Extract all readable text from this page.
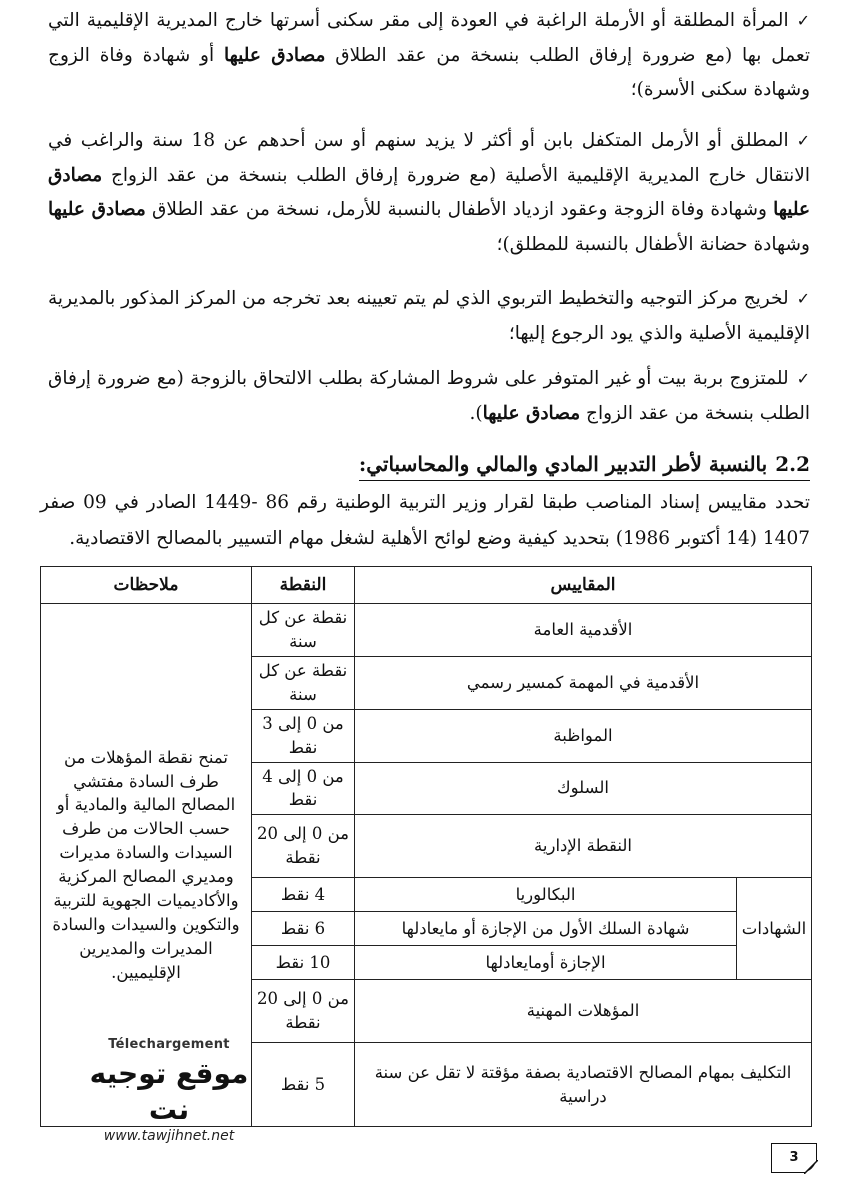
✓المرأة المطلقة أو الأرملة الراغبة في العودة إلى مقر سكنى أسرتها خارج المديرية الإقليمية التي تعمل بها (مع ضرورة إرفاق الطلب بنسخة من عقد الطلاق مصادق عليها أو شهادة وفاة الزوج وشهادة سكنى الأسرة)؛

✓المطلق أو الأرمل المتكفل بابن أو أكثر لا يزيد سنهم أو سن أحدهم عن 18 سنة والراغب في الانتقال خارج المديرية الإقليمية الأصلية (مع ضرورة إرفاق الطلب بنسخة من عقد الزواج مصادق عليها وشهادة وفاة الزوجة وعقود ازدياد الأطفال بالنسبة للأرمل، نسخة من عقد الطلاق مصادق عليها وشهادة حضانة الأطفال بالنسبة للمطلق)؛

✓لخريج مركز التوجيه والتخطيط التربوي الذي لم يتم تعيينه بعد تخرجه من المركز المذكور بالمديرية الإقليمية الأصلية والذي يود الرجوع إليها؛

✓للمتزوج بربة بيت أو غير المتوفر على شروط المشاركة بطلب الالتحاق بالزوجة (مع ضرورة إرفاق الطلب بنسخة من عقد الزواج مصادق عليها).

2.2بالنسبة لأطر التدبير المادي والمالي والمحاسباتي:

تحدد مقاييس إسناد المناصب طبقا لقرار وزير التربية الوطنية رقم 86 -1449 الصادر في 09 صفر 1407 (14 أكتوبر 1986) بتحديد كيفية وضع لوائح الأهلية لشغل مهام التسيير بالمصالح الاقتصادية.

المقاييس		النقطة	ملاحظات
الأقدمية العامة		نقطة عن كل سنة	تمنح نقطة المؤهلات من طرف السادة مفتشي المصالح المالية والمادية أو حسب الحالات من طرف السيدات والسادة مديرات ومديري المصالح المركزية والأكاديميات الجهوية للتربية والتكوين والسيدات والسادة المديرات والمديرين الإقليميين.
الأقدمية في المهمة كمسير رسمي		نقطة عن كل سنة	
المواظبة		من 0 إلى 3 نقط	
السلوك		من 0 إلى 4 نقط	
النقطة الإدارية		من 0 إلى 20 نقطة	
الشهادات	البكالوريا	4 نقط	
	شهادة السلك الأول من الإجازة أو مايعادلها	6 نقط	
	الإجازة أومايعادلها	10 نقط	
المؤهلات المهنية		من 0 إلى 20 نقطة	
التكليف بمهام المصالح الاقتصادية بصفة مؤقتة لا تقل عن سنة دراسية		5 نقط	
Télechargement
موقع توجيه نت
www.tawjihnet.net
3
